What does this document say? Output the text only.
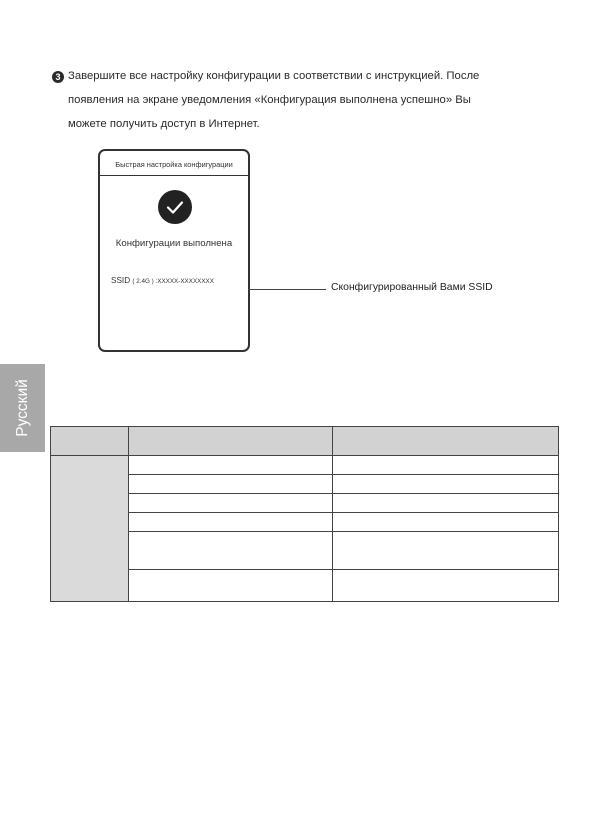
3 Завершите все настройку конфигурации в соответствии с инструкцией. После
появления на экране уведомления «Конфигурация выполнена успешно» Вы
можете получить доступ в Интернет.
Быстрая настройка конфигурации
Конфигурации выполнена
SSID ( 2.4G ) :XXXXX-XXXXXXXX
Сконфигурированный Вами SSID
Русский
